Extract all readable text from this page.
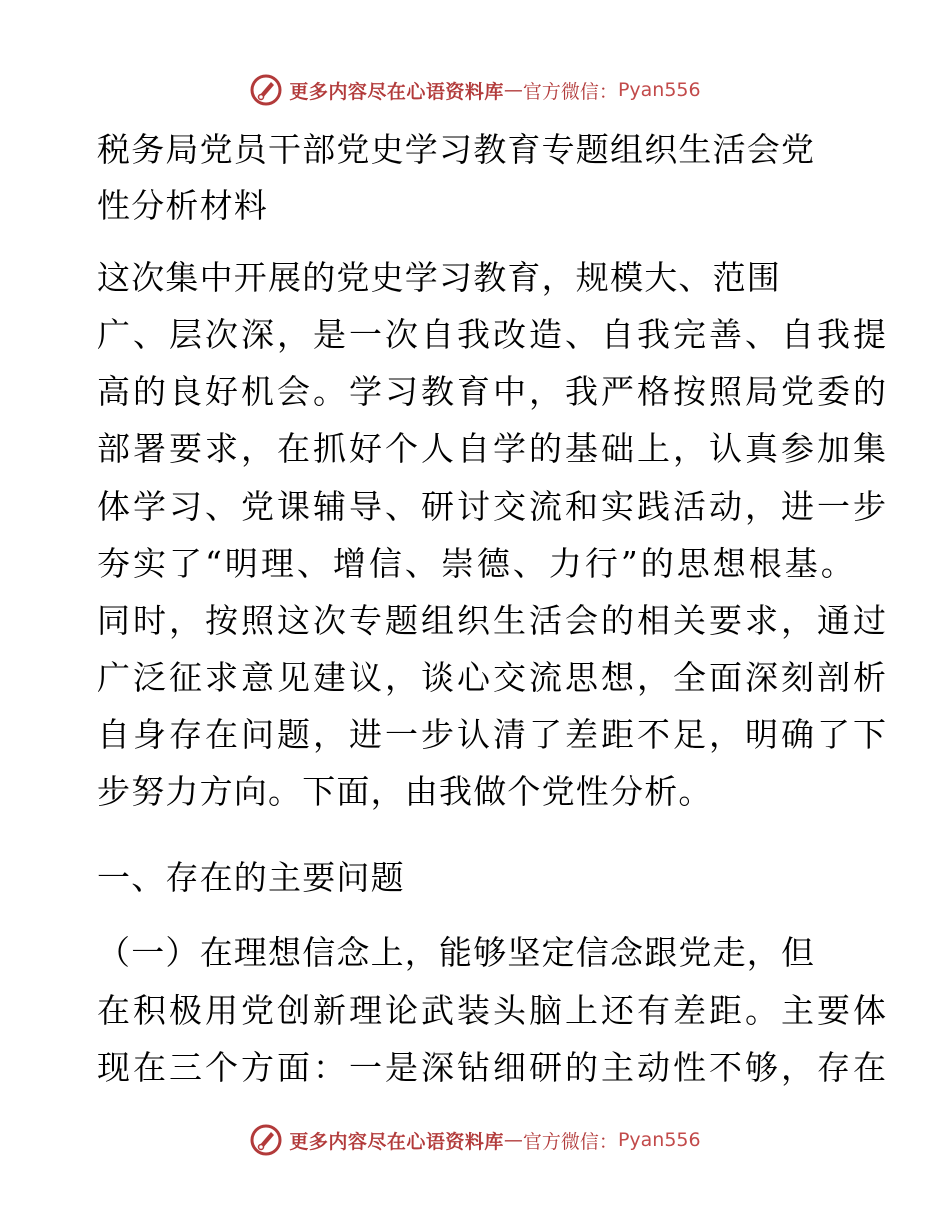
更多内容尽在心语资料库 — 官方微信： Pyan556
税务局党员干部党史学习教育专题组织生活会党
性分析材料
这次集中开展的党史学习教育，规模大、范围
广、层次深，是一次自我改造、自我完善、自我提
高的良好机会。学习教育中，我严格按照局党委的
部署要求，在抓好个人自学的基础上，认真参加集
体学习、党课辅导、研讨交流和实践活动，进一步
夯实了“明理、增信、崇德、力行”的思想根基。
同时，按照这次专题组织生活会的相关要求，通过
广泛征求意见建议，谈心交流思想，全面深刻剖析
自身存在问题，进一步认清了差距不足，明确了下
步努力方向。下面，由我做个党性分析。
一、存在的主要问题
（一）在理想信念上，能够坚定信念跟党走，但
在积极用党创新理论武装头脑上还有差距。主要体
现在三个方面：一是深钻细研的主动性不够，存在
更多内容尽在心语资料库 — 官方微信： Pyan556
